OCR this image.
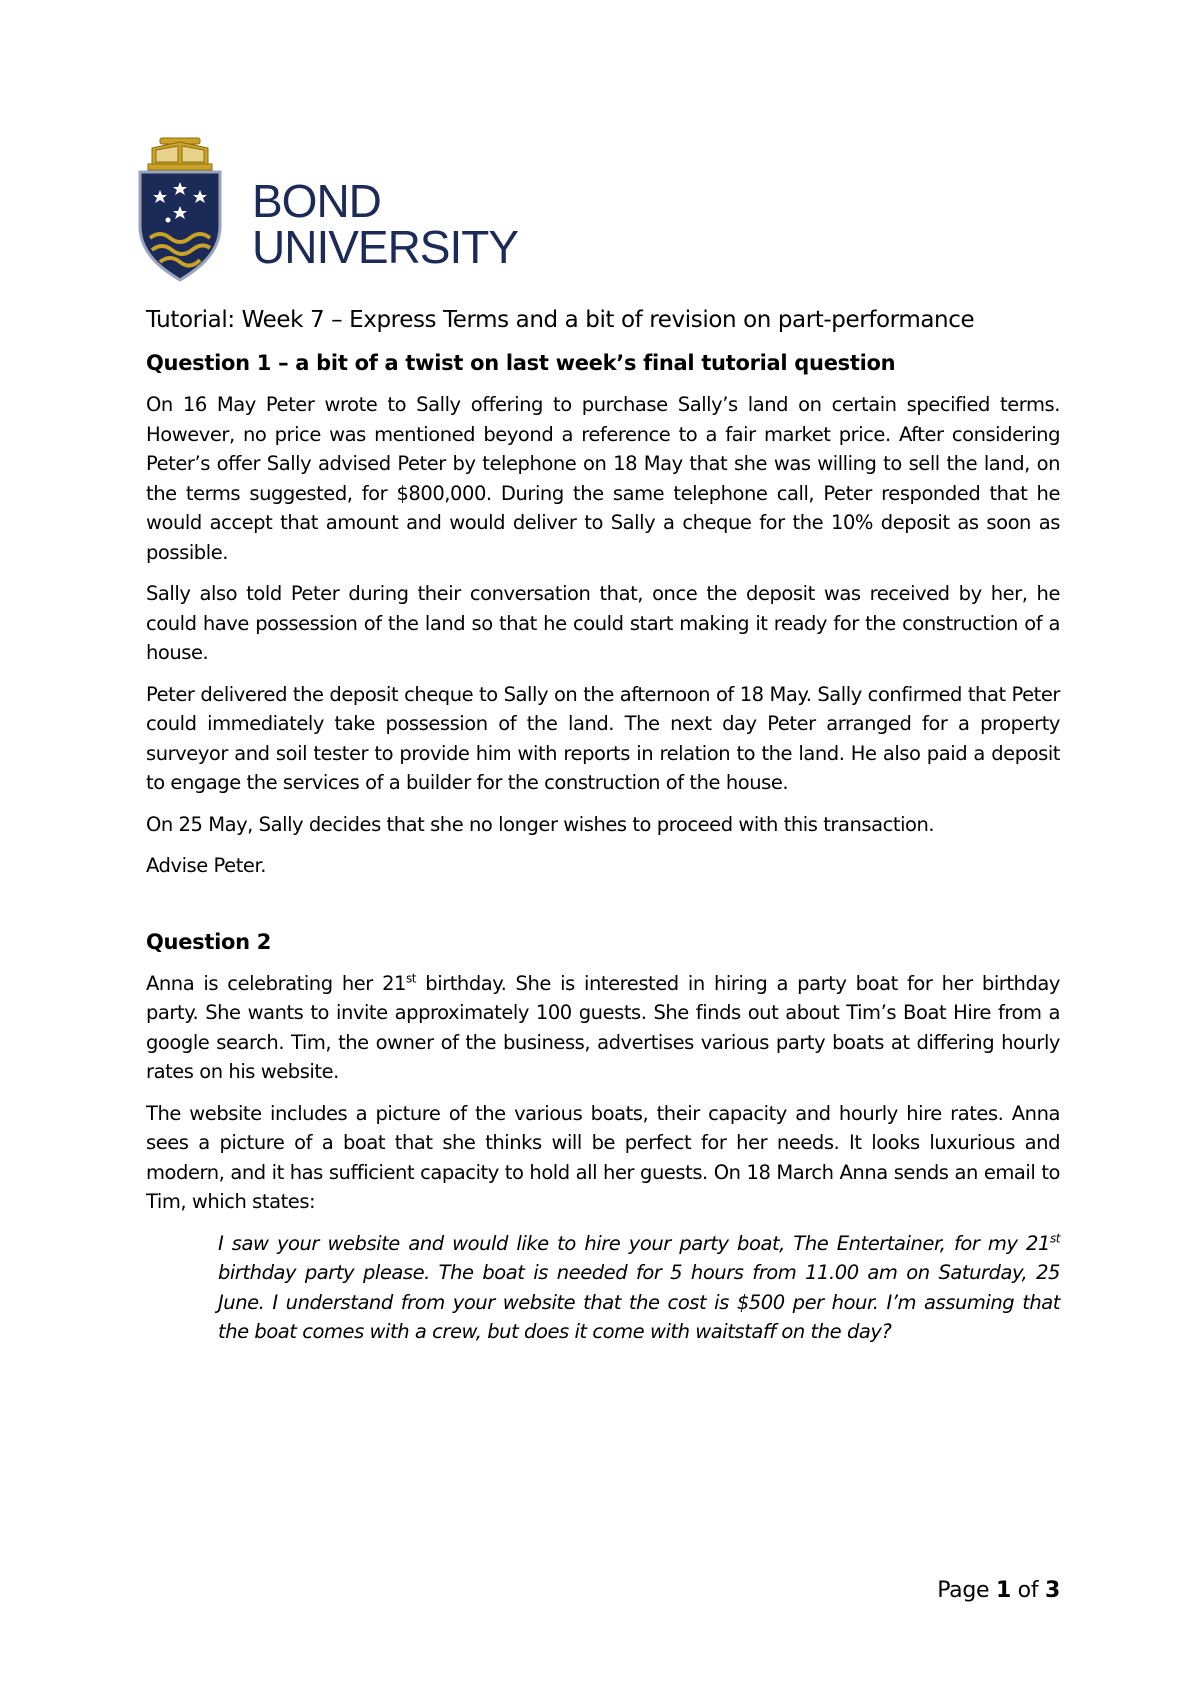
BOND
UNIVERSITY

Tutorial: Week 7 – Express Terms and a bit of revision on part-performance

Question 1 – a bit of a twist on last week’s final tutorial question

On 16 May Peter wrote to Sally offering to purchase Sally’s land on certain specified terms. However, no price was mentioned beyond a reference to a fair market price. After considering Peter’s offer Sally advised Peter by telephone on 18 May that she was willing to sell the land, on the terms suggested, for $800,000. During the same telephone call, Peter responded that he would accept that amount and would deliver to Sally a cheque for the 10% deposit as soon as possible.

Sally also told Peter during their conversation that, once the deposit was received by her, he could have possession of the land so that he could start making it ready for the construction of a house.

Peter delivered the deposit cheque to Sally on the afternoon of 18 May. Sally confirmed that Peter could immediately take possession of the land. The next day Peter arranged for a property surveyor and soil tester to provide him with reports in relation to the land. He also paid a deposit to engage the services of a builder for the construction of the house.

On 25 May, Sally decides that she no longer wishes to proceed with this transaction.

Advise Peter.

Question 2

Anna is celebrating her 21st birthday. She is interested in hiring a party boat for her birthday party. She wants to invite approximately 100 guests. She finds out about Tim’s Boat Hire from a google search. Tim, the owner of the business, advertises various party boats at differing hourly rates on his website.

The website includes a picture of the various boats, their capacity and hourly hire rates. Anna sees a picture of a boat that she thinks will be perfect for her needs. It looks luxurious and modern, and it has sufficient capacity to hold all her guests. On 18 March Anna sends an email to Tim, which states:

I saw your website and would like to hire your party boat, The Entertainer, for my 21st birthday party please. The boat is needed for 5 hours from 11.00 am on Saturday, 25 June. I understand from your website that the cost is $500 per hour. I’m assuming that the boat comes with a crew, but does it come with waitstaff on the day?

Page 1 of 3
